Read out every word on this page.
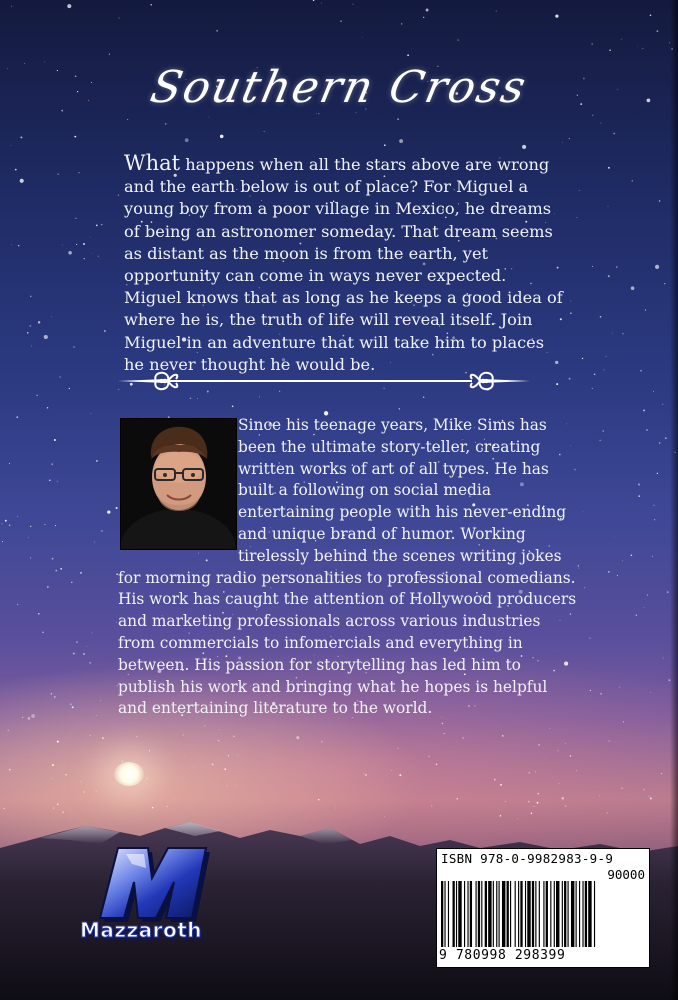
Southern Cross
What happens when all the stars above are wrong and the earth below is out of place? For Miguel a young boy from a poor village in Mexico, he dreams of being an astronomer someday. That dream seems as distant as the moon is from the earth, yet opportunity can come in ways never expected. Miguel knows that as long as he keeps a good idea of where he is, the truth of life will reveal itself. Join Miguel in an adventure that will take him to places he never thought he would be.
Since his teenage years, Mike Sims has been the ultimate story-teller, creating written works of art of all types. He has built a following on social media entertaining people with his never-ending and unique brand of humor. Working tirelessly behind the scenes writing jokes for morning radio personalities to professional comedians. His work has caught the attention of Hollywood producers and marketing professionals across various industries from commercials to infomercials and everything in between. His passion for storytelling has led him to publish his work and bringing what he hopes is helpful and entertaining literature to the world.
Mazzaroth
ISBN 978-0-9982983-9-9
90000
9 780998 298399
